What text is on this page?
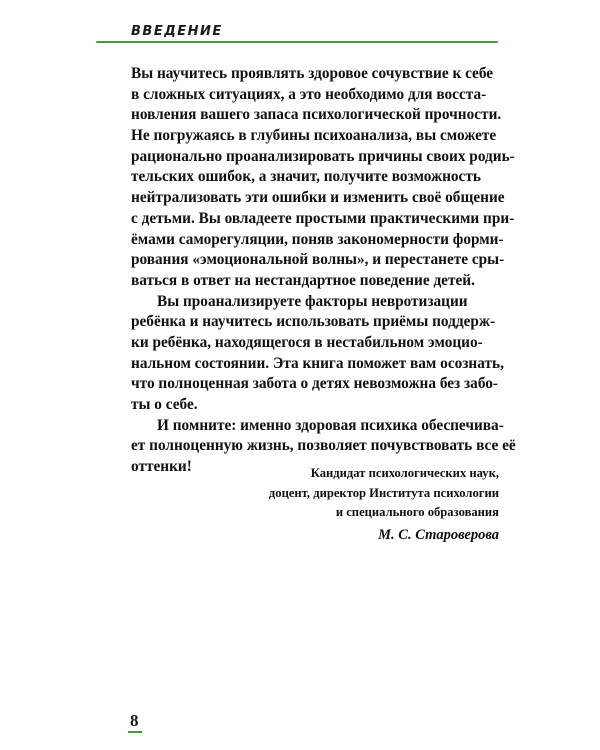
ВВЕДЕНИЕ
Вы научитесь проявлять здоровое сочувствие к себе
в сложных ситуациях, а это необходимо для восста-
новления вашего запаса психологической прочности.
Не погружаясь в глубины психоанализа, вы сможете
рационально проанализировать причины своих родиь-
тельских ошибок, а значит, получите возможность
нейтрализовать эти ошибки и изменить своё общение
с детьми. Вы овладеете простыми практическими при-
ёмами саморегуляции, поняв закономерности форми-
рования «эмоциональной волны», и перестанете сры-
ваться в ответ на нестандартное поведение детей.
Вы проанализируете факторы невротизации
ребёнка и научитесь использовать приёмы поддерж-
ки ребёнка, находящегося в нестабильном эмоцио-
нальном состоянии. Эта книга поможет вам осознать,
что полноценная забота о детях невозможна без забо-
ты о себе.
И помните: именно здоровая психика обеспечива-
ет полноценную жизнь, позволяет почувствовать все её
оттенки!	Кандидат психологических наук,
доцент, директор Института психологии
и специального образования
М. С. Староверова
8
